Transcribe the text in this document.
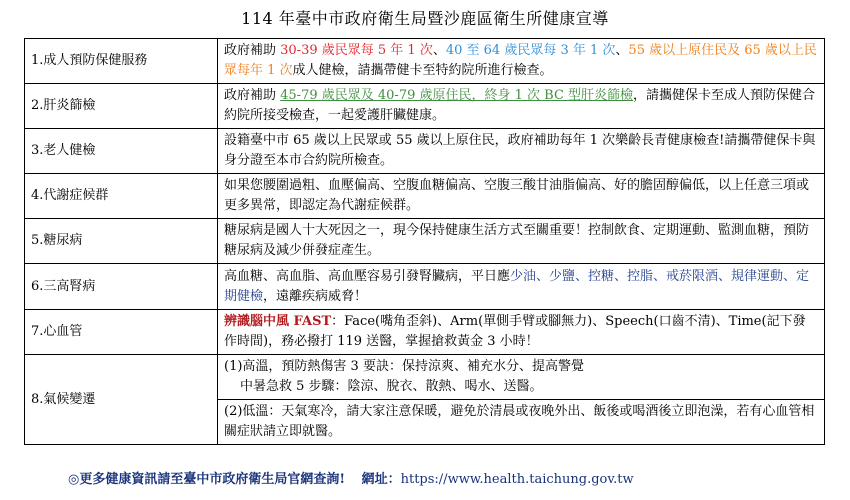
114 年臺中市政府衛生局暨沙鹿區衛生所健康宣導
1.成人預防保健服務	政府補助 30-39 歲民眾每 5 年 1 次、40 至 64 歲民眾每 3 年 1 次、55 歲以上原住民及 65 歲以上民眾每年 1 次成人健檢，請攜帶健卡至特約院所進行檢查。

2.肝炎篩檢	政府補助 45-79 歲民眾及 40-79 歲原住民，終身 1 次 BC 型肝炎篩檢，請攜健保卡至成人預防保健合約院所接受檢查，一起愛護肝臟健康。

3.老人健檢	設籍臺中市 65 歲以上民眾或 55 歲以上原住民，政府補助每年 1 次樂齡長青健康檢查!請攜帶健保卡與身分證至本市合約院所檢查。

4.代謝症候群	如果您腰圍過粗、血壓偏高、空腹血糖偏高、空腹三酸甘油脂偏高、好的膽固醇偏低，以上任意三項或更多異常，即認定為代謝症候群。

5.糖尿病	糖尿病是國人十大死因之一，現今保持健康生活方式至關重要！控制飲食、定期運動、監測血糖，預防糖尿病及減少併發症產生。

6.三高腎病	高血糖、高血脂、高血壓容易引發腎臟病，平日應少油、少鹽、控糖、控脂、戒菸限酒、規律運動、定期健檢，遠離疾病威脅！

7.心血管	辨識腦中風 FAST：Face(嘴角歪斜)、Arm(單側手臂或腳無力)、Speech(口齒不清)、Time(記下發作時間)，務必撥打 119 送醫，掌握搶救黃金 3 小時！

8.氣候變遷	(1)高溫，預防熱傷害 3 要訣：保持涼爽、補充水分、提高警覺
中暑急救 5 步驟：陰涼、脫衣、散熱、喝水、送醫。
(2)低溫：天氣寒冷，請大家注意保暖，避免於清晨或夜晚外出、飯後或喝酒後立即泡澡，若有心血管相關症狀請立即就醫。
◎更多健康資訊請至臺中市政府衛生局官網查詢! 網址：https://www.health.taichung.gov.tw
